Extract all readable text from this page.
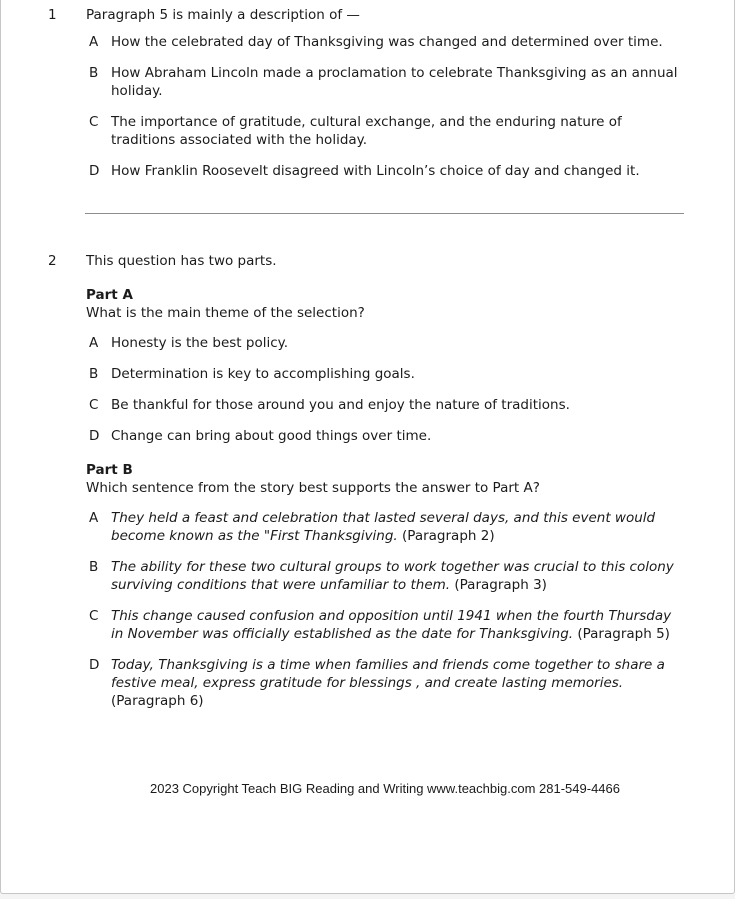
1	Paragraph 5 is mainly a description of —
A How the celebrated day of Thanksgiving was changed and determined over time.
B How Abraham Lincoln made a proclamation to celebrate Thanksgiving as an annual holiday.
C The importance of gratitude, cultural exchange, and the enduring nature of traditions associated with the holiday.
D How Franklin Roosevelt disagreed with Lincoln’s choice of day and changed it.
2	This question has two parts.
Part A
What is the main theme of the selection?
A Honesty is the best policy.
B Determination is key to accomplishing goals.
C Be thankful for those around you and enjoy the nature of traditions.
D Change can bring about good things over time.
Part B
Which sentence from the story best supports the answer to Part A?
A They held a feast and celebration that lasted several days, and this event would become known as the "First Thanksgiving. (Paragraph 2)
B The ability for these two cultural groups to work together was crucial to this colony surviving conditions that were unfamiliar to them. (Paragraph 3)
C This change caused confusion and opposition until 1941 when the fourth Thursday in November was officially established as the date for Thanksgiving. (Paragraph 5)
D Today, Thanksgiving is a time when families and friends come together to share a festive meal, express gratitude for blessings , and create lasting memories. (Paragraph 6)
2023 Copyright Teach BIG Reading and Writing www.teachbig.com 281-549-4466
